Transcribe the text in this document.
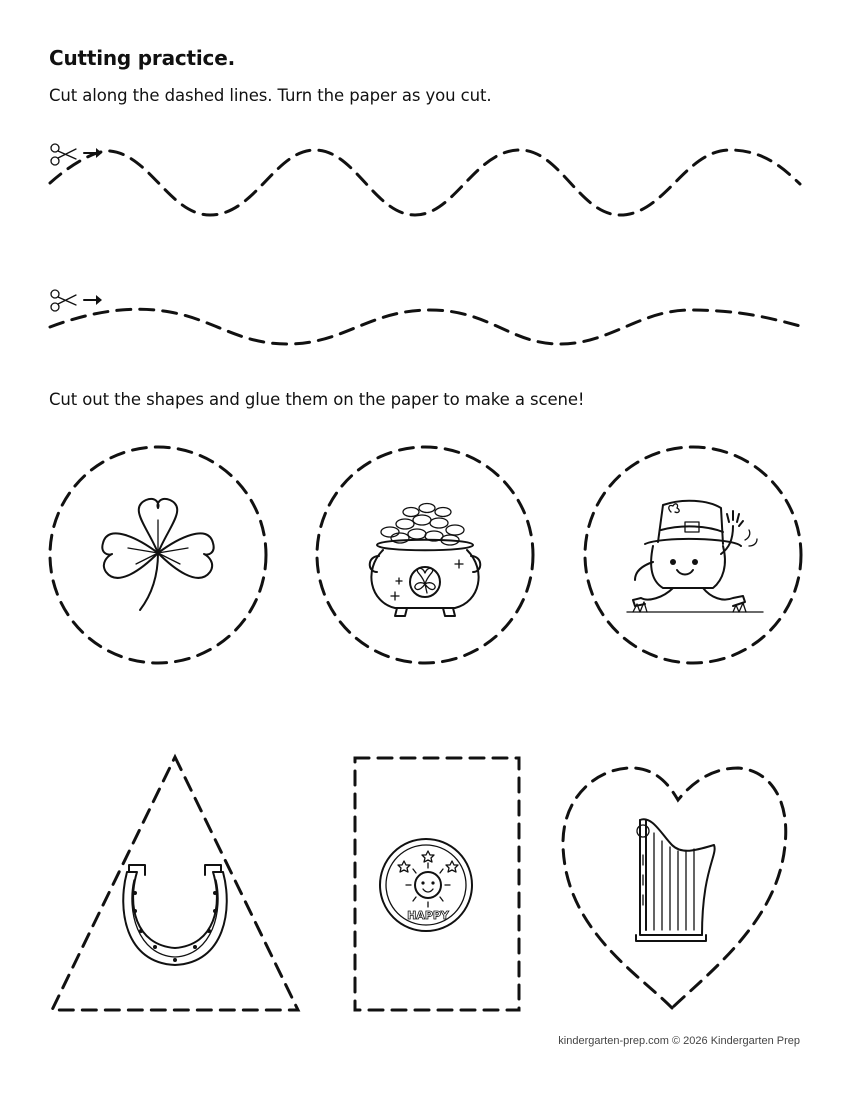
Cutting practice.
Cut along the dashed lines. Turn the paper as you cut.
Cut out the shapes and glue them on the paper to make a scene!
HAPPY
kindergarten-prep.com © 2026 Kindergarten Prep
